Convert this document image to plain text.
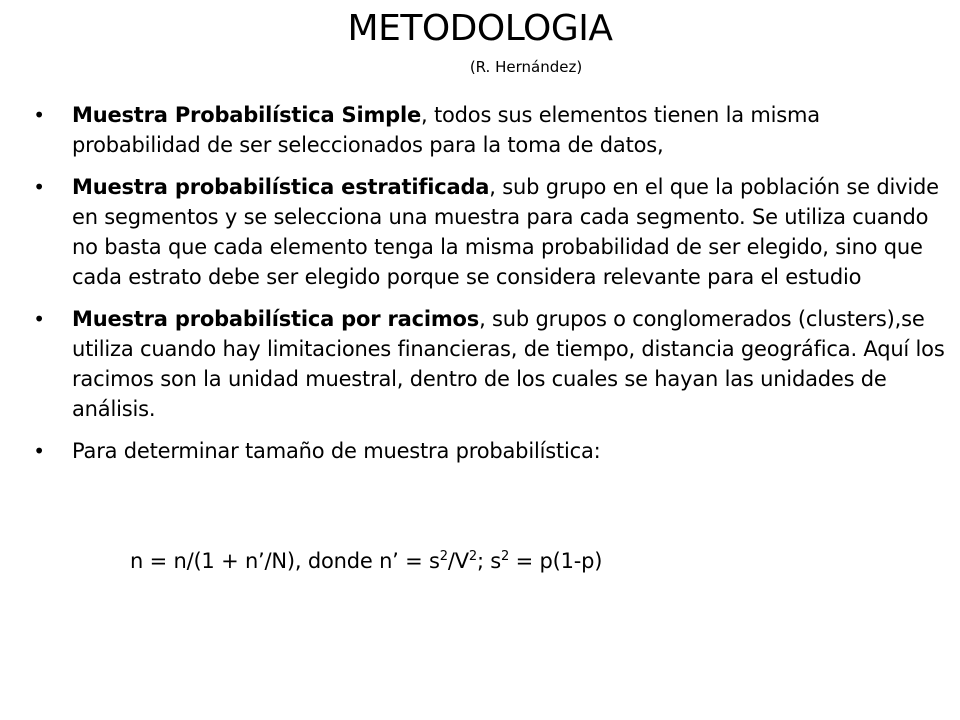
METODOLOGIA
(R. Hernández)
• Muestra Probabilística Simple, todos sus elementos tienen la misma probabilidad de ser seleccionados para la toma de datos,
• Muestra probabilística estratificada, sub grupo en el que la población se divide en segmentos y se selecciona una muestra para cada segmento. Se utiliza cuando no basta que cada elemento tenga la misma probabilidad de ser elegido, sino que cada estrato debe ser elegido porque se considera relevante para el estudio
• Muestra probabilística por racimos, sub grupos o conglomerados (clusters),se utiliza cuando hay limitaciones financieras, de tiempo, distancia geográfica. Aquí los racimos son la unidad muestral, dentro de los cuales se hayan las unidades de análisis.
• Para determinar tamaño de muestra probabilística:
n = n/(1 + n’/N), donde n’ = $s^2/V^2$; $s^2 = p(1-p)$
